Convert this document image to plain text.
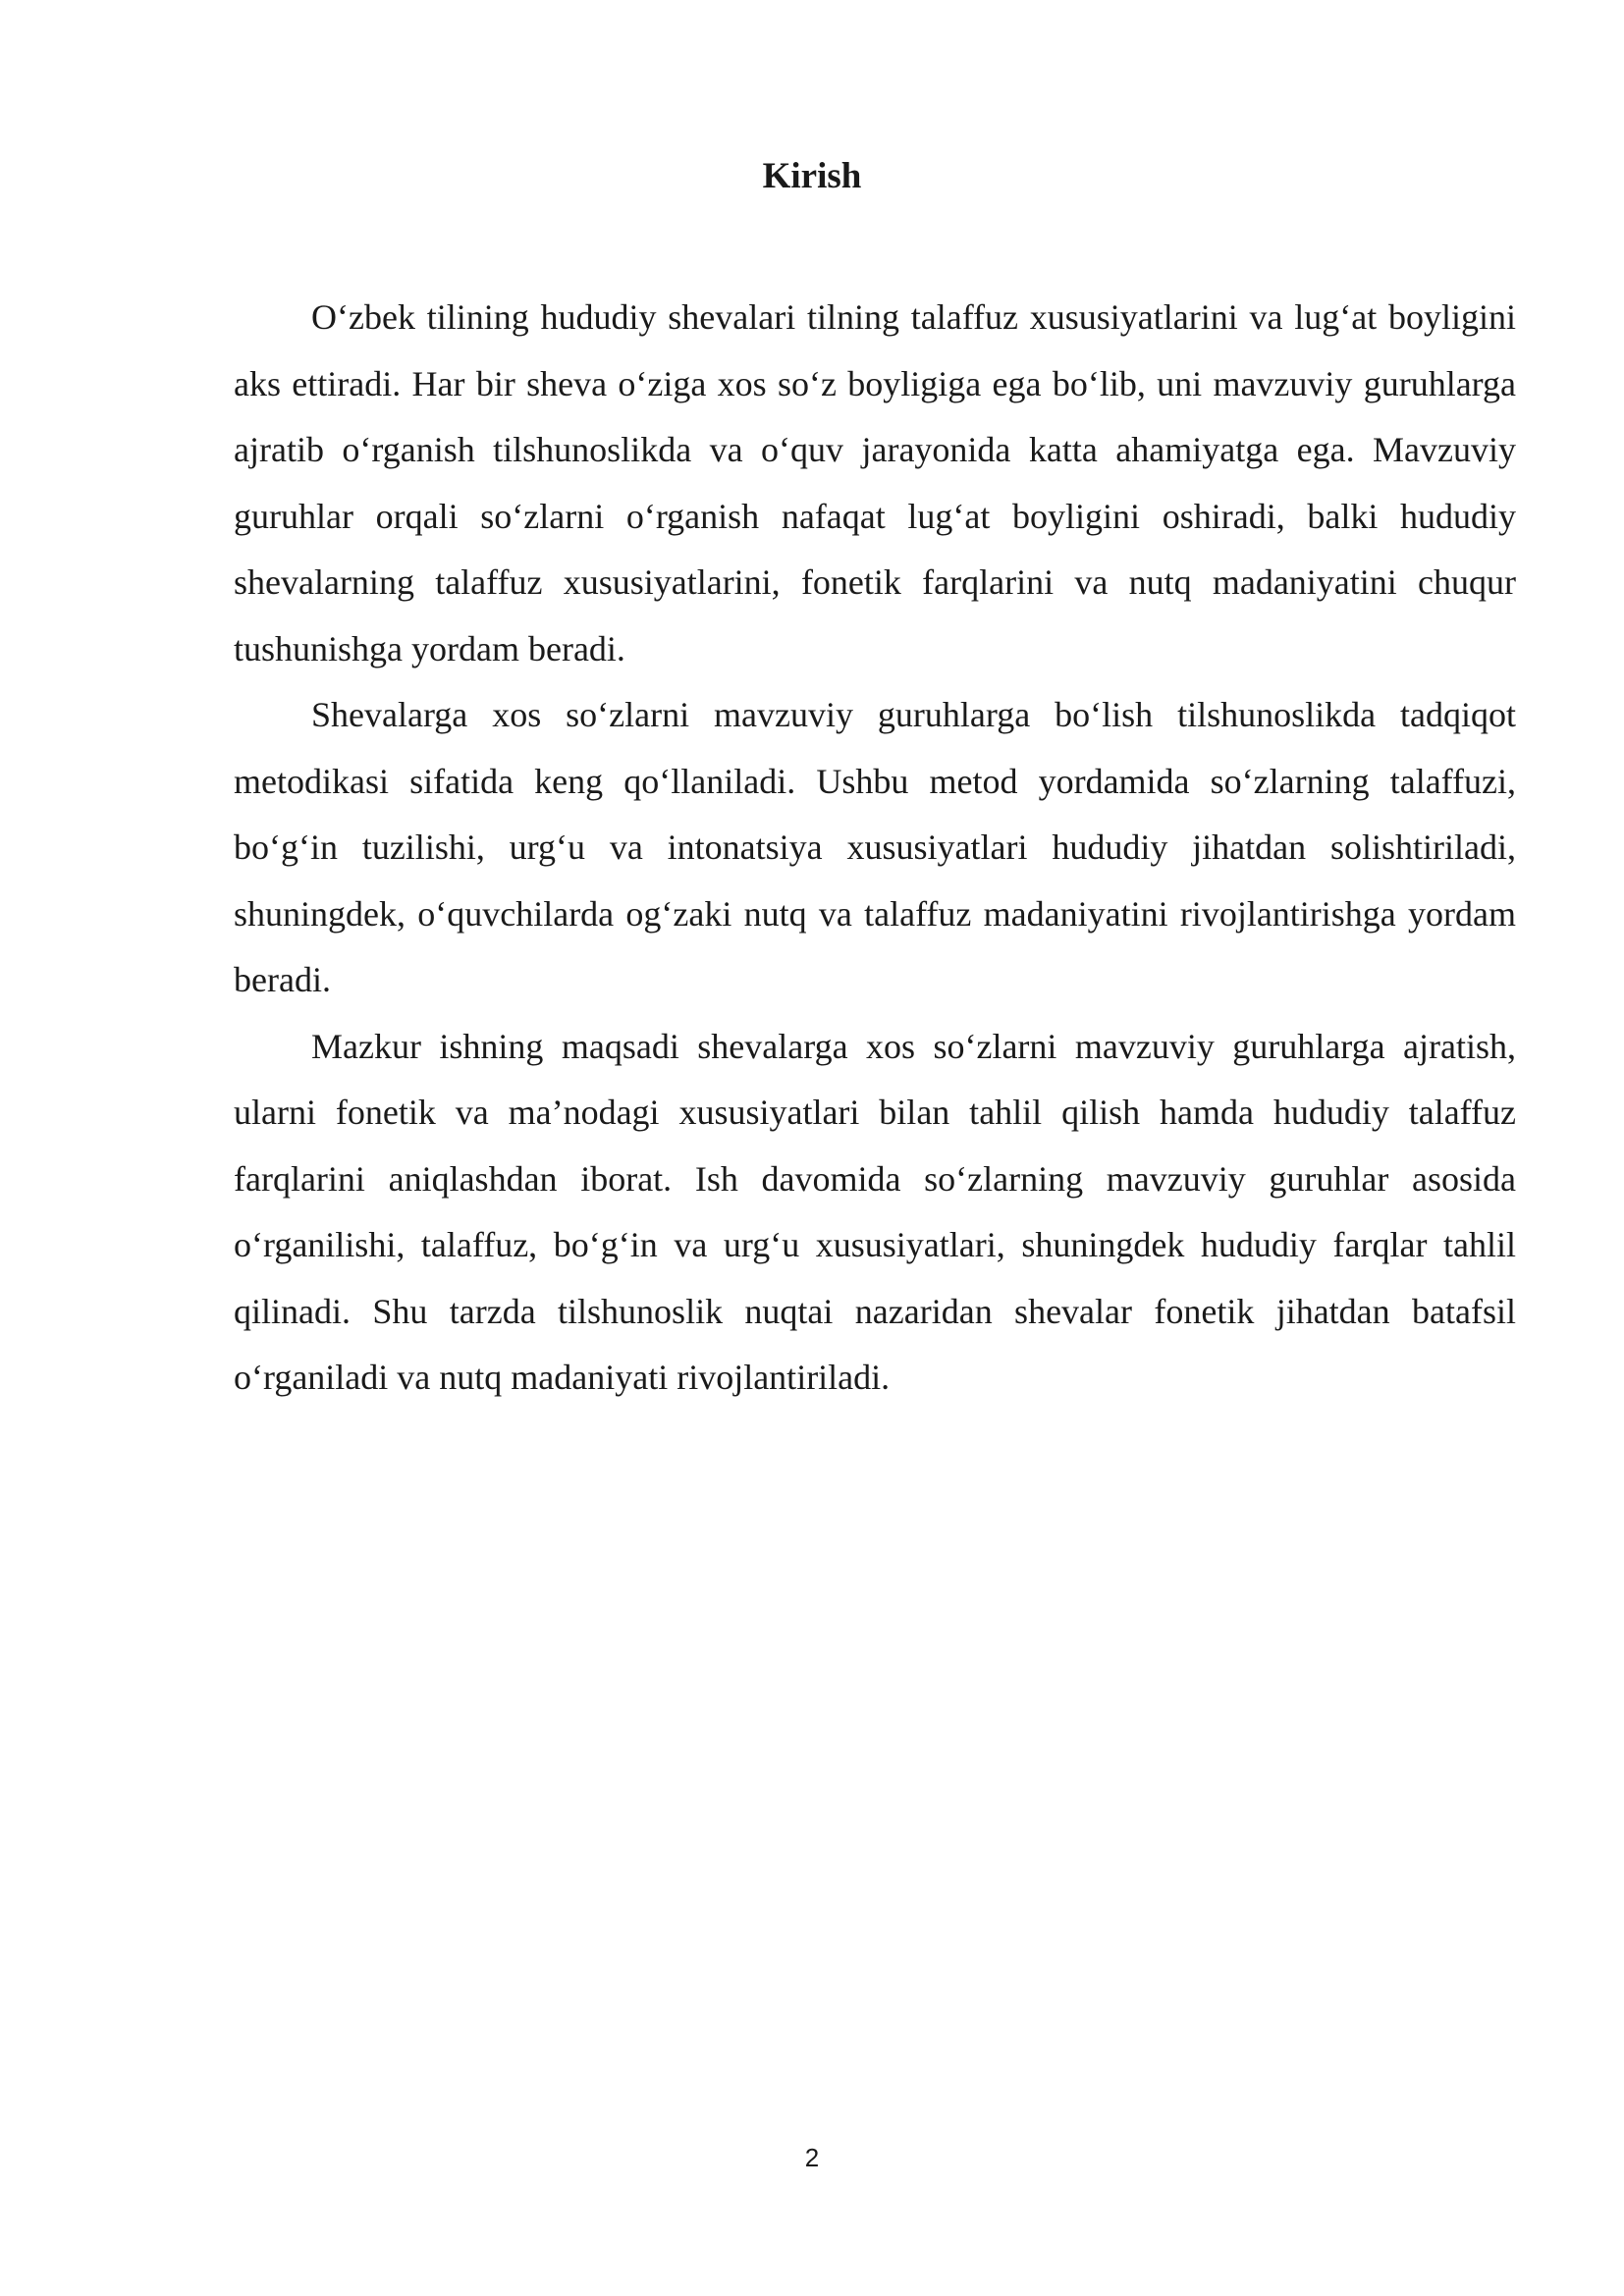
Kirish

O‘zbek tilining hududiy shevalari tilning talaffuz xususiyatlarini va lug‘at boyligini aks ettiradi. Har bir sheva o‘ziga xos so‘z boyligiga ega bo‘lib, uni mavzuviy guruhlarga ajratib o‘rganish tilshunoslikda va o‘quv jarayonida katta ahamiyatga ega. Mavzuviy guruhlar orqali so‘zlarni o‘rganish nafaqat lug‘at boyligini oshiradi, balki hududiy shevalarning talaffuz xususiyatlarini, fonetik farqlarini va nutq madaniyatini chuqur tushunishga yordam beradi.

Shevalarga xos so‘zlarni mavzuviy guruhlarga bo‘lish tilshunoslikda tadqiqot metodikasi sifatida keng qo‘llaniladi. Ushbu metod yordamida so‘zlarning talaffuzi, bo‘g‘in tuzilishi, urg‘u va intonatsiya xususiyatlari hududiy jihatdan solishtiriladi, shuningdek, o‘quvchilarda og‘zaki nutq va talaffuz madaniyatini rivojlantirishga yordam beradi.

Mazkur ishning maqsadi shevalarga xos so‘zlarni mavzuviy guruhlarga ajratish, ularni fonetik va ma’nodagi xususiyatlari bilan tahlil qilish hamda hududiy talaffuz farqlarini aniqlashdan iborat. Ish davomida so‘zlarning mavzuviy guruhlar asosida o‘rganilishi, talaffuz, bo‘g‘in va urg‘u xususiyatlari, shuningdek hududiy farqlar tahlil qilinadi. Shu tarzda tilshunoslik nuqtai nazaridan shevalar fonetik jihatdan batafsil o‘rganiladi va nutq madaniyati rivojlantiriladi.

2
